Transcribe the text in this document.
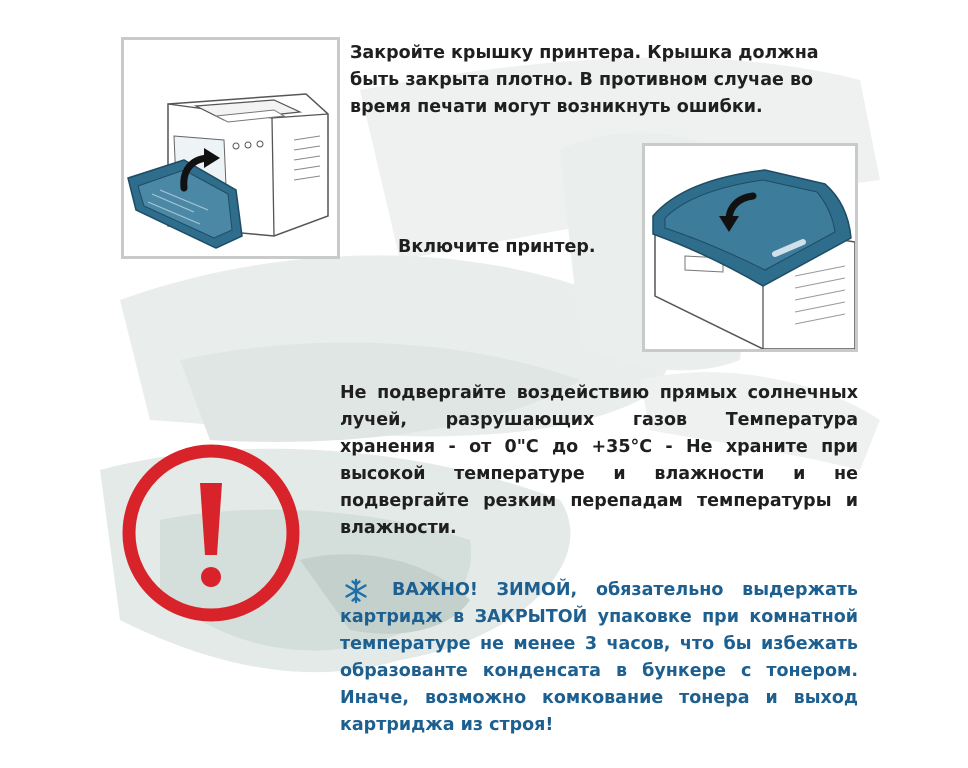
Закройте крышку принтера. Крышка должна быть закрыта плотно. В противном случае во время печати могут возникнуть ошибки.

Включите принтер.

Не подвергайте воздействию прямых солнечных лучей, разрушающих газов Температура хранения - от 0"С до +35°С - Не храните при высокой температуре и влажности и не подвергайте резким перепадам температуры и влажности.

ВАЖНО! ЗИМОЙ, обязательно выдержать картридж в ЗАКРЫТОЙ упаковке при комнатной температуре не менее 3 часов, что бы избежать образованте конденсата в бункере с тонером. Иначе, возможно комкование тонера и выход картриджа из строя!
